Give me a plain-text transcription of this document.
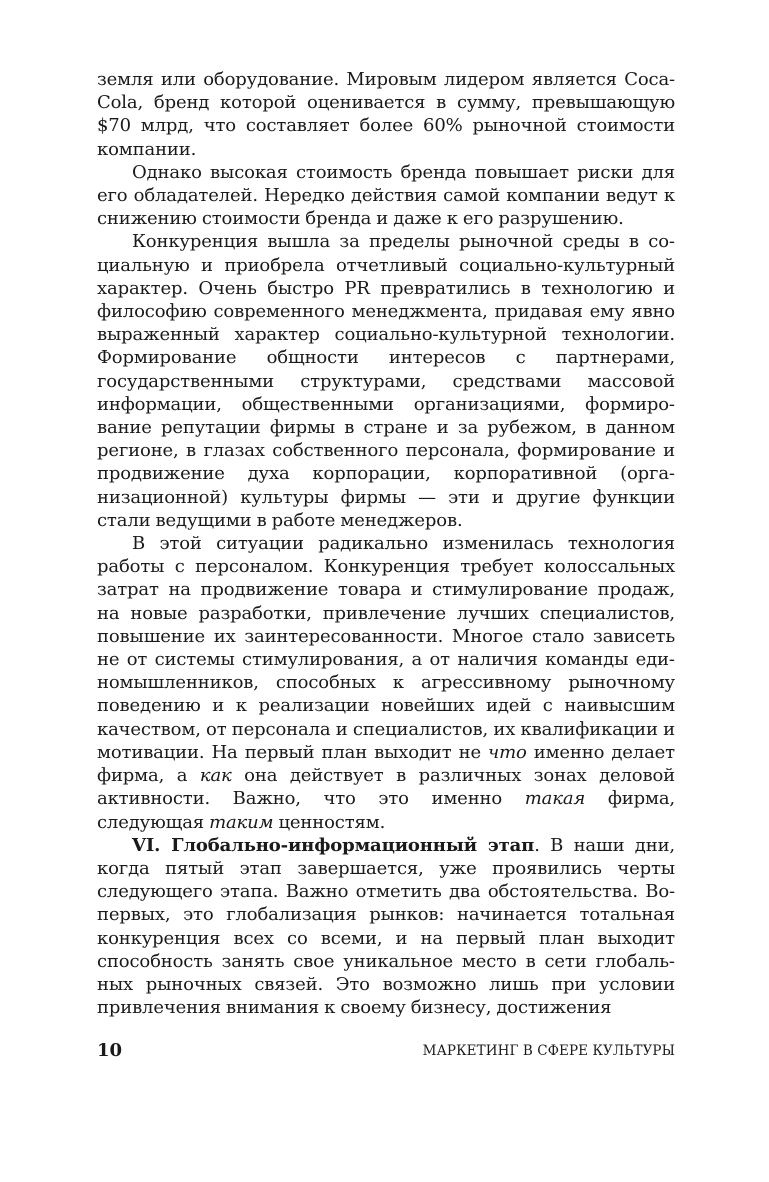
земля или оборудование. Мировым лидером является Coca-Cola, бренд которой оценивается в сумму, превышающую $70 млрд, что составляет более 60% рыночной стоимости компании.

Однако высокая стоимость бренда повышает риски для его обладателей. Нередко действия самой компании ведут к снижению стоимости бренда и даже к его разрушению.

Конкуренция вышла за пределы рыночной среды в социальную и приобрела отчетливый социально-культурный характер. Очень быстро PR превратились в технологию и философию современного менеджмента, придавая ему явно выраженный характер социально-культурной технологии. Формирование общности интересов с партнерами, государственными структурами, средствами массовой информации, общественными организациями, формирование репутации фирмы в стране и за рубежом, в данном регионе, в глазах собственного персонала, формирование и продвижение духа корпорации, корпоративной (организационной) культуры фирмы — эти и другие функции стали ведущими в работе менеджеров.

В этой ситуации радикально изменилась технология работы с персоналом. Конкуренция требует колоссальных затрат на продвижение товара и стимулирование продаж, на новые разработки, привлечение лучших специалистов, повышение их заинтересованности. Многое стало зависеть не от системы стимулирования, а от наличия команды единомышленников, способных к агрессивному рыночному поведению и к реализации новейших идей с наивысшим качеством, от персонала и специалистов, их квалификации и мотивации. На первый план выходит не что именно делает фирма, а как она действует в различных зонах деловой активности. Важно, что это именно такая фирма, следующая таким ценностям.

VI. Глобально-информационный этап. В наши дни, когда пятый этап завершается, уже проявились черты следующего этапа. Важно отметить два обстоятельства. Во-первых, это глобализация рынков: начинается тотальная конкуренция всех со всеми, и на первый план выходит способность занять свое уникальное место в сети глобальных рыночных связей. Это возможно лишь при условии привлечения внимания к своему бизнесу, достижения

10	МАРКЕТИНГ В СФЕРЕ КУЛЬТУРЫ
